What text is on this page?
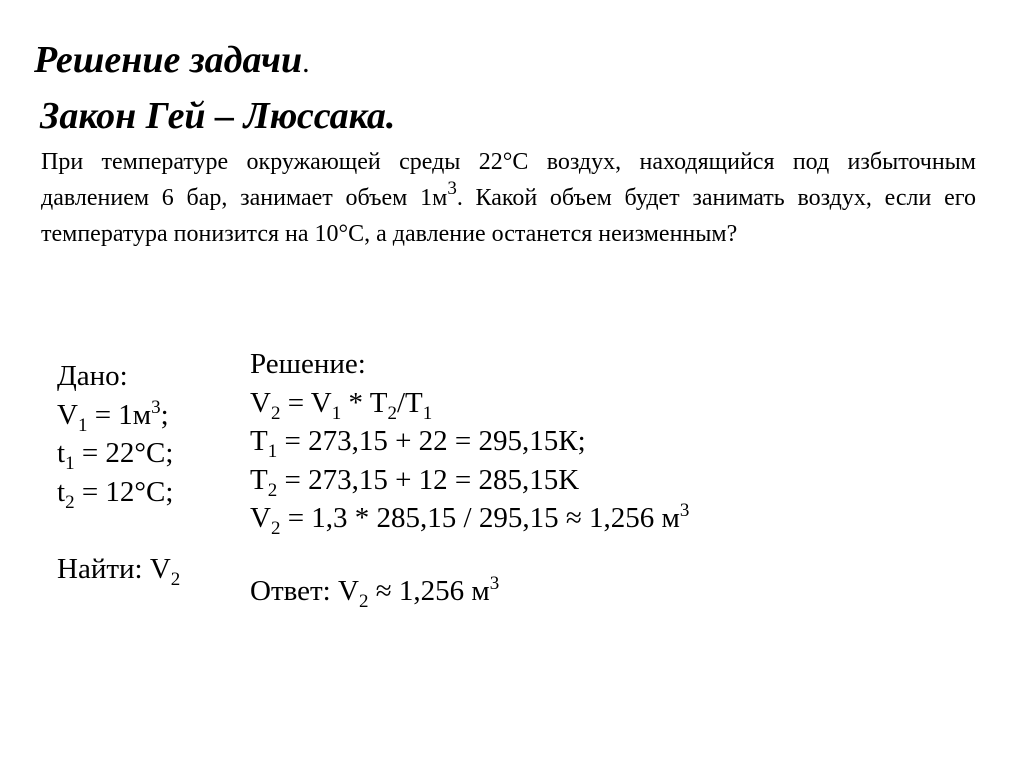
Решение задачи.
Закон Гей – Люссака.

При температуре окружающей среды 22°С воздух, находящийся под избыточным давлением 6 бар, занимает объем $1м^3$. Какой объем будет занимать воздух, если его температура понизится на 10°С, а давление останется неизменным?

Дано:
$V_1 = 1м^3$;
$t_1 = 22^\circ С$;
$t_2 = 12^\circ С$;
Найти: $V_2$
Решение:
$V_2 = V_1 * T_2/T_1$
$T_1 = 273,15 + 22 = 295,15К$;
$T_2 = 273,15 + 12 = 285,15K$
$V_2 = 1,3 * 285,15 / 295,15 \approx 1,256$ $м^3$
Ответ: $V_2 \approx 1,256$ $м^3$
